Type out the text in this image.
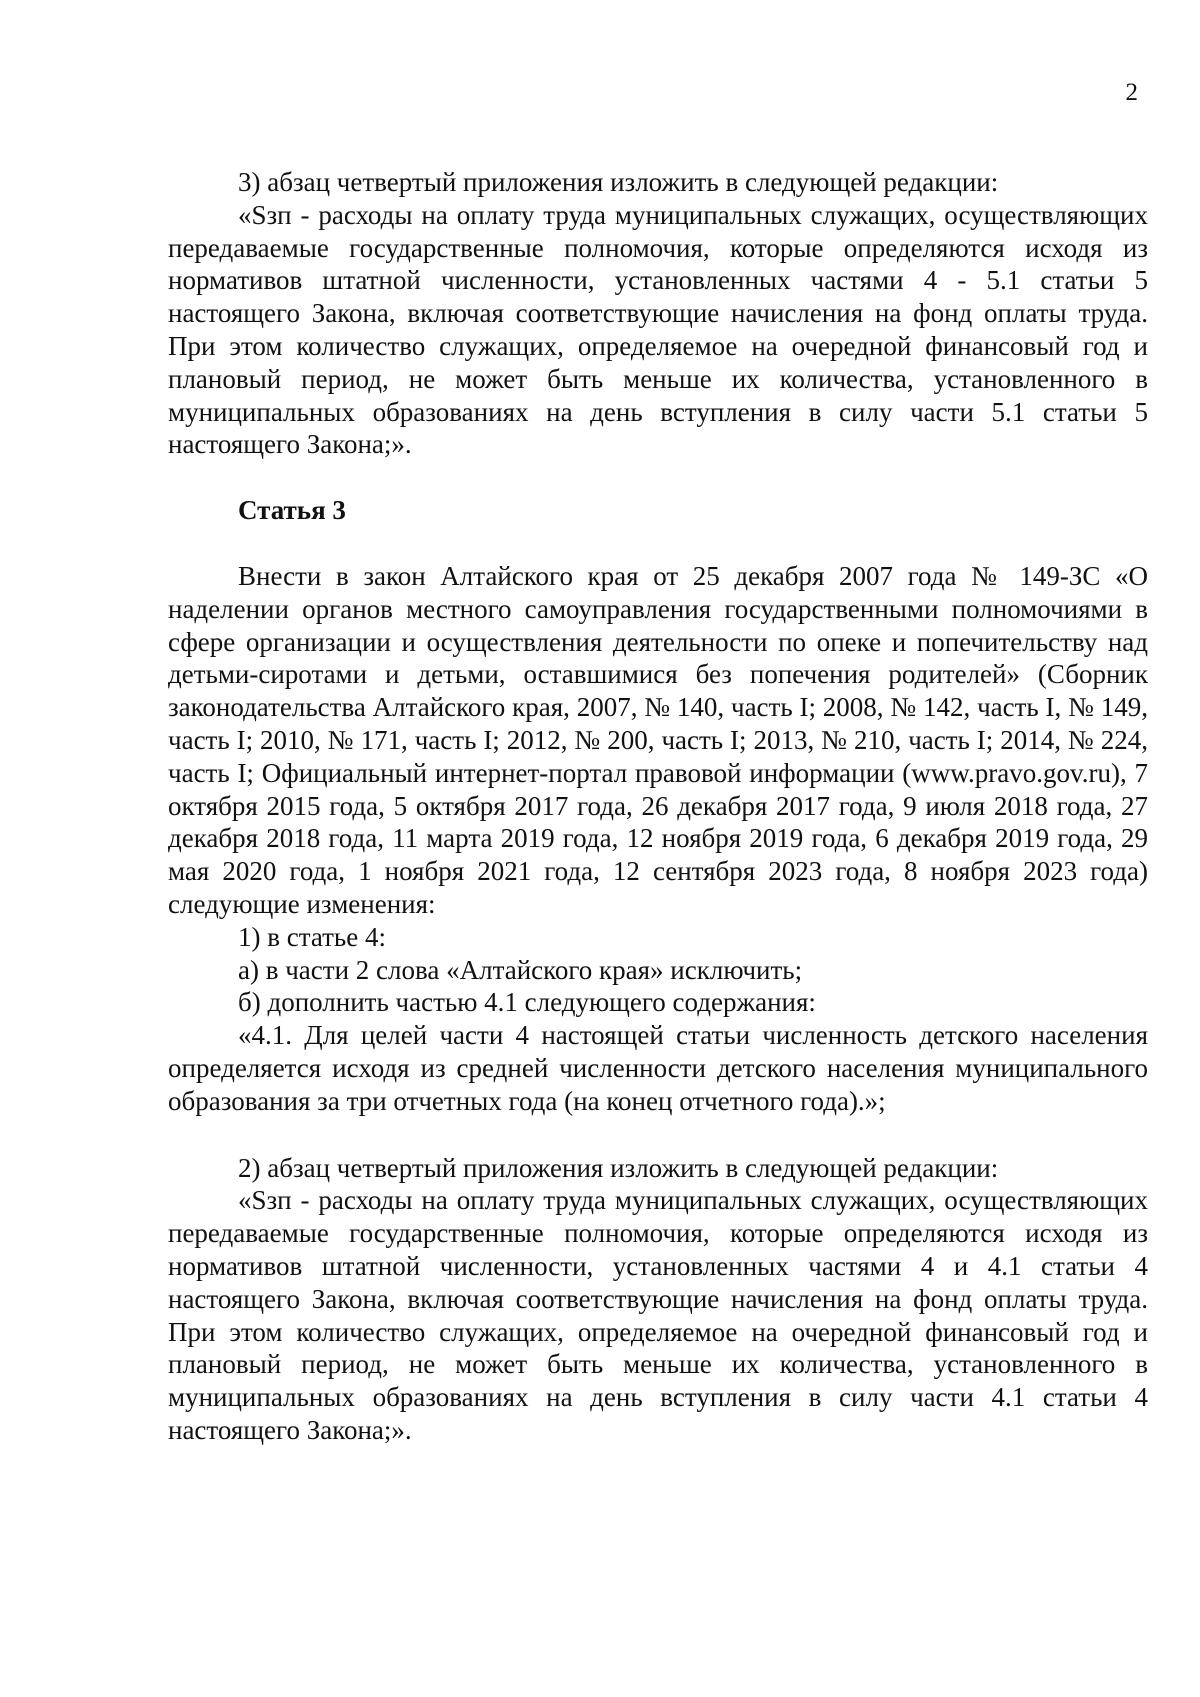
2

3) абзац четвертый приложения изложить в следующей редакции:

«Sзп - расходы на оплату труда муниципальных служащих, осуществляющих передаваемые государственные полномочия, которые определяются исходя из нормативов штатной численности, установленных частями 4 - 5.1 статьи 5 настоящего Закона, включая соответствующие начисления на фонд оплаты труда. При этом количество служащих, определяемое на очередной финансовый год и плановый период, не может быть меньше их количества, установленного в муниципальных образованиях на день вступления в силу части 5.1 статьи 5 настоящего Закона;».

Статья 3

Внести в закон Алтайского края от 25 декабря 2007 года № 149-ЗС «О наделении органов местного самоуправления государственными полномочиями в сфере организации и осуществления деятельности по опеке и попечительству над детьми-сиротами и детьми, оставшимися без попечения родителей» (Сборник законодательства Алтайского края, 2007, № 140, часть I; 2008, № 142, часть I, № 149, часть I; 2010, № 171, часть I; 2012, № 200, часть I; 2013, № 210, часть I; 2014, № 224, часть I; Официальный интернет-портал правовой информации (www.pravo.gov.ru), 7 октября 2015 года, 5 октября 2017 года, 26 декабря 2017 года, 9 июля 2018 года, 27 декабря 2018 года, 11 марта 2019 года, 12 ноября 2019 года, 6 декабря 2019 года, 29 мая 2020 года, 1 ноября 2021 года, 12 сентября 2023 года, 8 ноября 2023 года) следующие изменения:

1) в статье 4:

а) в части 2 слова «Алтайского края» исключить;

б) дополнить частью 4.1 следующего содержания:

«4.1. Для целей части 4 настоящей статьи численность детского населения определяется исходя из средней численности детского населения муниципального образования за три отчетных года (на конец отчетного года).»;

2) абзац четвертый приложения изложить в следующей редакции:

«Sзп - расходы на оплату труда муниципальных служащих, осуществляющих передаваемые государственные полномочия, которые определяются исходя из нормативов штатной численности, установленных частями 4 и 4.1 статьи 4 настоящего Закона, включая соответствующие начисления на фонд оплаты труда. При этом количество служащих, определяемое на очередной финансовый год и плановый период, не может быть меньше их количества, установленного в муниципальных образованиях на день вступления в силу части 4.1 статьи 4 настоящего Закона;».
